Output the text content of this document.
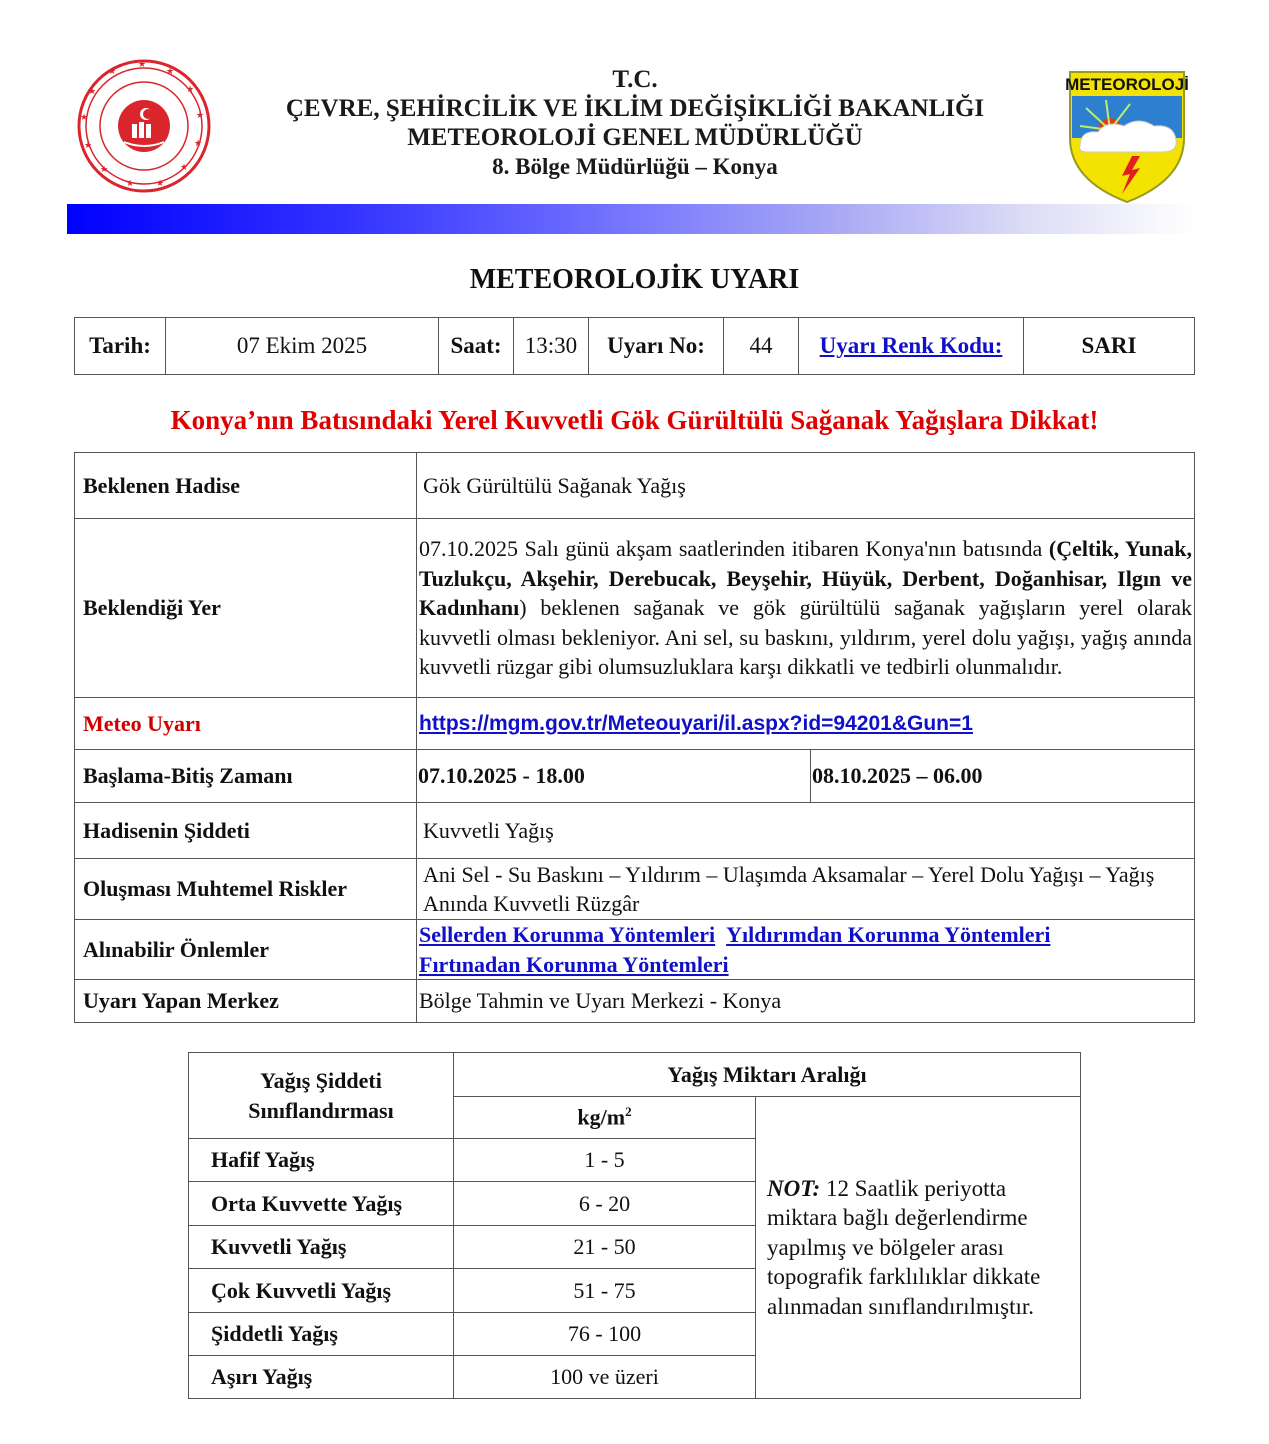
★
★
★
★
★
★
★
★
★
★
★
★
★	T.C.
ÇEVRE, ŞEHİRCİLİK VE İKLİM DEĞİŞİKLİĞİ BAKANLIĞI
METEOROLOJİ GENEL MÜDÜRLÜĞÜ
8. Bölge Müdürlüğü – Konya
METEOROLOJİ
METEOROLOJİK UYARI
Tarih:	07 Ekim 2025	Saat:	13:30	Uyarı No:	44	Uyarı Renk Kodu:	SARI
Konya’nın Batısındaki Yerel Kuvvetli Gök Gürültülü Sağanak Yağışlara Dikkat!
Beklenen Hadise	Gök Gürültülü Sağanak Yağış
Beklendiği Yer	07.10.2025 Salı günü akşam saatlerinden itibaren Konya'nın batısında (Çeltik, Yunak, Tuzlukçu, Akşehir, Derebucak, Beyşehir, Hüyük, Derbent, Doğanhisar, Ilgın ve Kadınhanı) beklenen sağanak ve gök gürültülü sağanak yağışların yerel olarak kuvvetli olması bekleniyor. Ani sel, su baskını, yıldırım, yerel dolu yağışı, yağış anında kuvvetli rüzgar gibi olumsuzluklara karşı dikkatli ve tedbirli olunmalıdır.
Meteo Uyarı	https://mgm.gov.tr/Meteouyari/il.aspx?id=94201&Gun=1
Başlama-Bitiş Zamanı		07.10.2025 - 18.00	08.10.2025 – 06.00

Hadisenin Şiddeti	Kuvvetli Yağış
Oluşması Muhtemel Riskler	Ani Sel - Su Baskını – Yıldırım – Ulaşımda Aksamalar – Yerel Dolu Yağışı – Yağış Anında Kuvvetli Rüzgâr
Alınabilir Önlemler	Sellerden Korunma Yöntemleri Yıldırımdan Korunma Yöntemleri
Fırtınadan Korunma Yöntemleri
Uyarı Yapan Merkez	Bölge Tahmin ve Uyarı Merkezi - Konya
Yağış Şiddeti
Sınıflandırması	Yağış Miktarı Aralığı	
	$kg/m^2$	NOT: 12 Saatlik periyotta miktara bağlı değerlendirme yapılmış ve bölgeler arası topografik farklılıklar dikkate alınmadan sınıflandırılmıştır.
Hafif Yağış	1 - 5	
Orta Kuvvette Yağış	6 - 20	
Kuvvetli Yağış	21 - 50	
Çok Kuvvetli Yağış	51 - 75	
Şiddetli Yağış	76 - 100	
Aşırı Yağış	100 ve üzeri	
